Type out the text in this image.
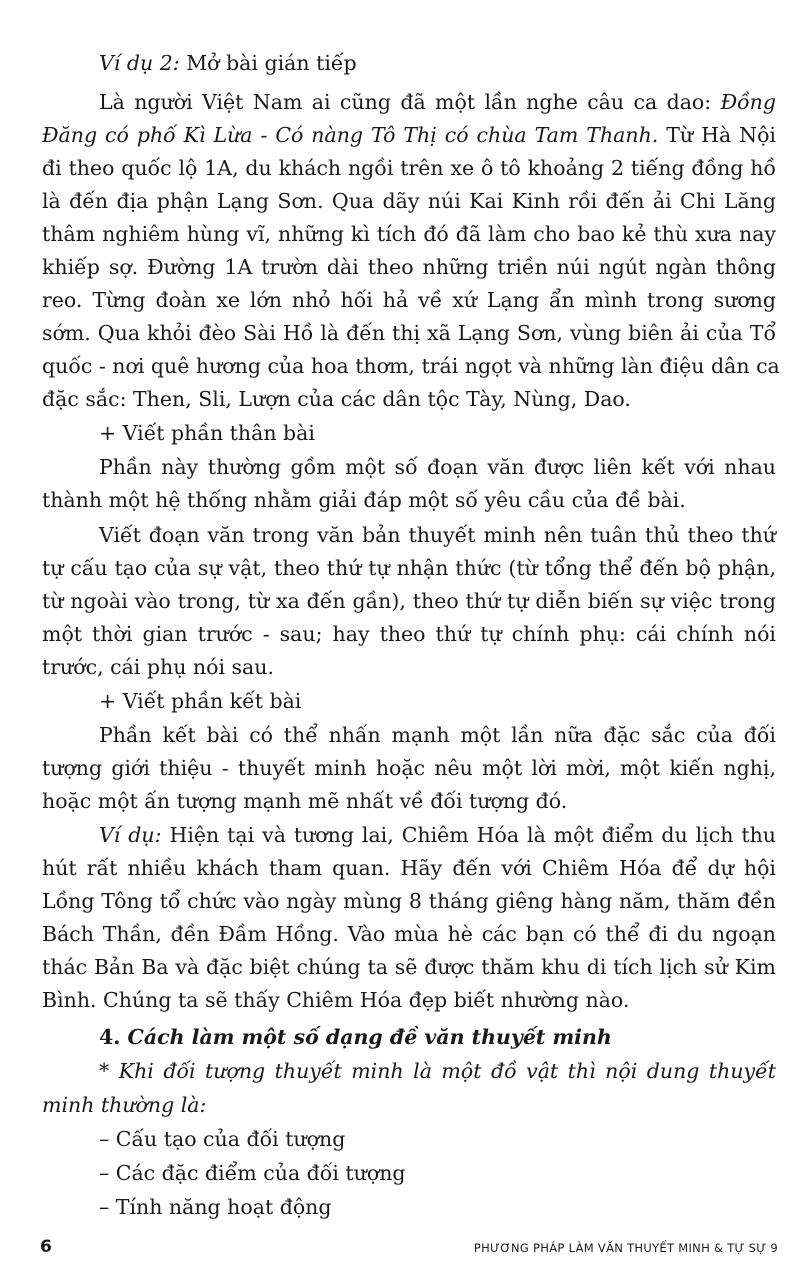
Ví dụ 2: Mở bài gián tiếp

Là người Việt Nam ai cũng đã một lần nghe câu ca dao: Đồng

Đăng có phố Kì Lừa - Có nàng Tô Thị có chùa Tam Thanh. Từ Hà Nội

đi theo quốc lộ 1A, du khách ngồi trên xe ô tô khoảng 2 tiếng đồng hồ

là đến địa phận Lạng Sơn. Qua dãy núi Kai Kinh rồi đến ải Chi Lăng

thâm nghiêm hùng vĩ, những kì tích đó đã làm cho bao kẻ thù xưa nay

khiếp sợ. Đường 1A trườn dài theo những triền núi ngút ngàn thông

reo. Từng đoàn xe lớn nhỏ hối hả về xứ Lạng ẩn mình trong sương

sớm. Qua khỏi đèo Sài Hồ là đến thị xã Lạng Sơn, vùng biên ải của Tổ

quốc - nơi quê hương của hoa thơm, trái ngọt và những làn điệu dân ca

đặc sắc: Then, Sli, Lượn của các dân tộc Tày, Nùng, Dao.

+ Viết phần thân bài

Phần này thường gồm một số đoạn văn được liên kết với nhau

thành một hệ thống nhằm giải đáp một số yêu cầu của đề bài.

Viết đoạn văn trong văn bản thuyết minh nên tuân thủ theo thứ

tự cấu tạo của sự vật, theo thứ tự nhận thức (từ tổng thể đến bộ phận,

từ ngoài vào trong, từ xa đến gần), theo thứ tự diễn biến sự việc trong

một thời gian trước - sau; hay theo thứ tự chính phụ: cái chính nói

trước, cái phụ nói sau.

+ Viết phần kết bài

Phần kết bài có thể nhấn mạnh một lần nữa đặc sắc của đối

tượng giới thiệu - thuyết minh hoặc nêu một lời mời, một kiến nghị,

hoặc một ấn tượng mạnh mẽ nhất về đối tượng đó.

Ví dụ: Hiện tại và tương lai, Chiêm Hóa là một điểm du lịch thu

hút rất nhiều khách tham quan. Hãy đến với Chiêm Hóa để dự hội

Lồng Tông tổ chức vào ngày mùng 8 tháng giêng hàng năm, thăm đền

Bách Thần, đền Đầm Hồng. Vào mùa hè các bạn có thể đi du ngoạn

thác Bản Ba và đặc biệt chúng ta sẽ được thăm khu di tích lịch sử Kim

Bình. Chúng ta sẽ thấy Chiêm Hóa đẹp biết nhường nào.

4. Cách làm một số dạng đề văn thuyết minh

* Khi đối tượng thuyết minh là một đồ vật thì nội dung thuyết

minh thường là:

– Cấu tạo của đối tượng

– Các đặc điểm của đối tượng

– Tính năng hoạt động

6	PHƯƠNG PHÁP LÀM VĂN THUYẾT MINH & TỰ SỰ 9
